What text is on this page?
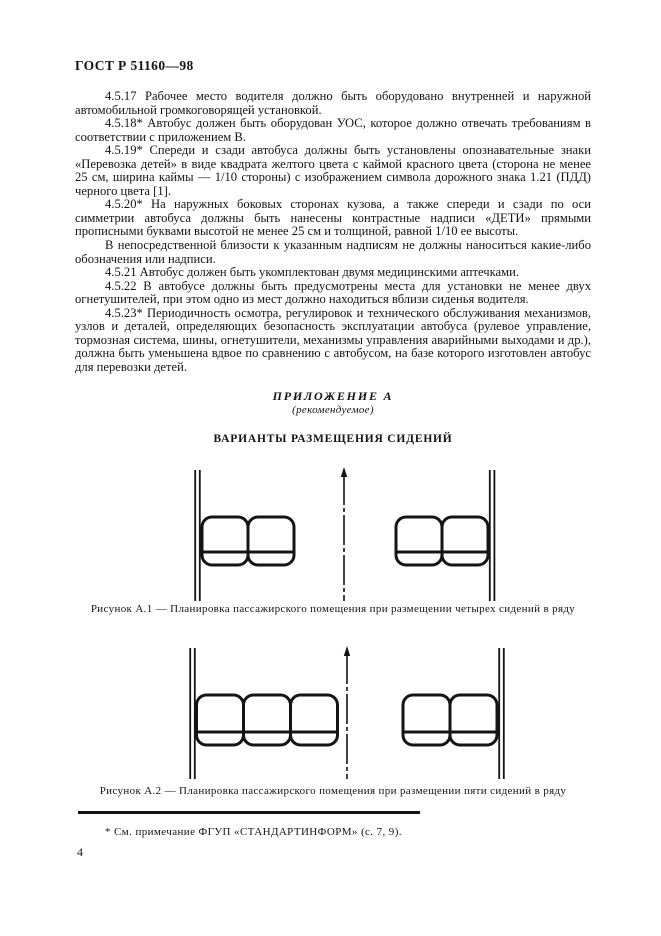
ГОСТ Р 51160—98

4.5.17 Рабочее место водителя должно быть оборудовано внутренней и наружной автомобильной громкоговорящей установкой.

4.5.18* Автобус должен быть оборудован УОС, которое должно отвечать требованиям в соответствии с приложением В.

4.5.19* Спереди и сзади автобуса должны быть установлены опознавательные знаки «Перевозка детей» в виде квадрата желтого цвета с каймой красного цвета (сторона не менее 25 см, ширина каймы — 1/10 стороны) с изображением символа дорожного знака 1.21 (ПДД) черного цвета [1].

4.5.20* На наружных боковых сторонах кузова, а также спереди и сзади по оси симметрии автобуса должны быть нанесены контрастные надписи «ДЕТИ» прямыми прописными буквами высотой не менее 25 см и толщиной, равной 1/10 ее высоты.

В непосредственной близости к указанным надписям не должны наноситься какие-либо обозначения или надписи.

4.5.21 Автобус должен быть укомплектован двумя медицинскими аптечками.

4.5.22 В автобусе должны быть предусмотрены места для установки не менее двух огнетушителей, при этом одно из мест должно находиться вблизи сиденья водителя.

4.5.23* Периодичность осмотра, регулировок и технического обслуживания механизмов, узлов и деталей, определяющих безопасность эксплуатации автобуса (рулевое управление, тормозная система, шины, огнетушители, механизмы управления аварийными выходами и др.), должна быть уменьшена вдвое по сравнению с автобусом, на базе которого изготовлен автобус для перевозки детей.

ПРИЛОЖЕНИЕ А
(рекомендуемое)
ВАРИАНТЫ РАЗМЕЩЕНИЯ СИДЕНИЙ
Рисунок А.1 — Планировка пассажирского помещения при размещении четырех сидений в ряду
Рисунок А.2 — Планировка пассажирского помещения при размещении пяти сидений в ряду
* См. примечание ФГУП «СТАНДАРТИНФОРМ» (с. 7, 9).
4
